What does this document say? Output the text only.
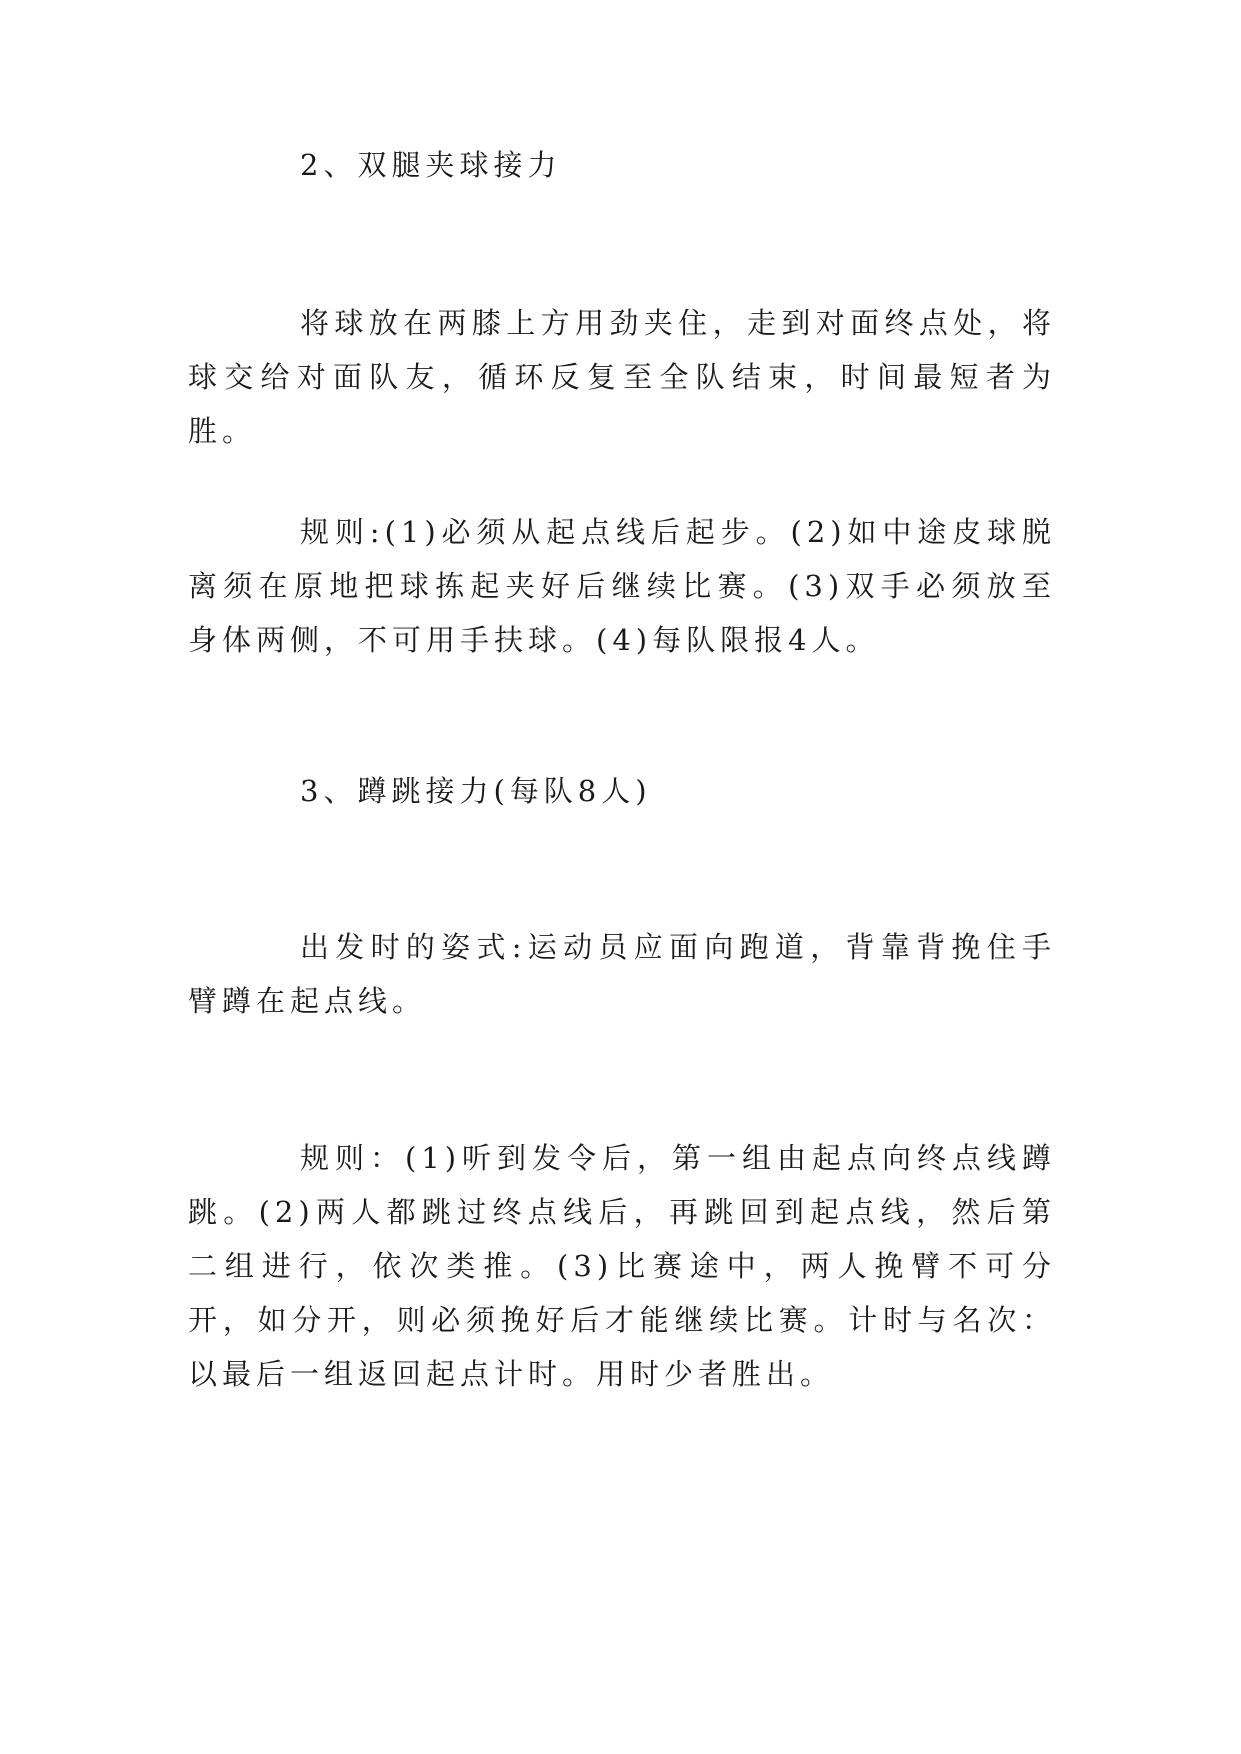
2、双腿夹球接力

将球放在两膝上方用劲夹住，走到对面终点处，将球交给对面队友，循环反复至全队结束，时间最短者为胜。

规则:(1)必须从起点线后起步。(2)如中途皮球脱离须在原地把球拣起夹好后继续比赛。(3)双手必须放至身体两侧，不可用手扶球。(4)每队限报4人。

3、蹲跳接力(每队8人)

出发时的姿式:运动员应面向跑道，背靠背挽住手臂蹲在起点线。

规则：(1)听到发令后，第一组由起点向终点线蹲跳。(2)两人都跳过终点线后，再跳回到起点线，然后第二组进行，依次类推。(3)比赛途中，两人挽臂不可分开，如分开，则必须挽好后才能继续比赛。计时与名次：以最后一组返回起点计时。用时少者胜出。
